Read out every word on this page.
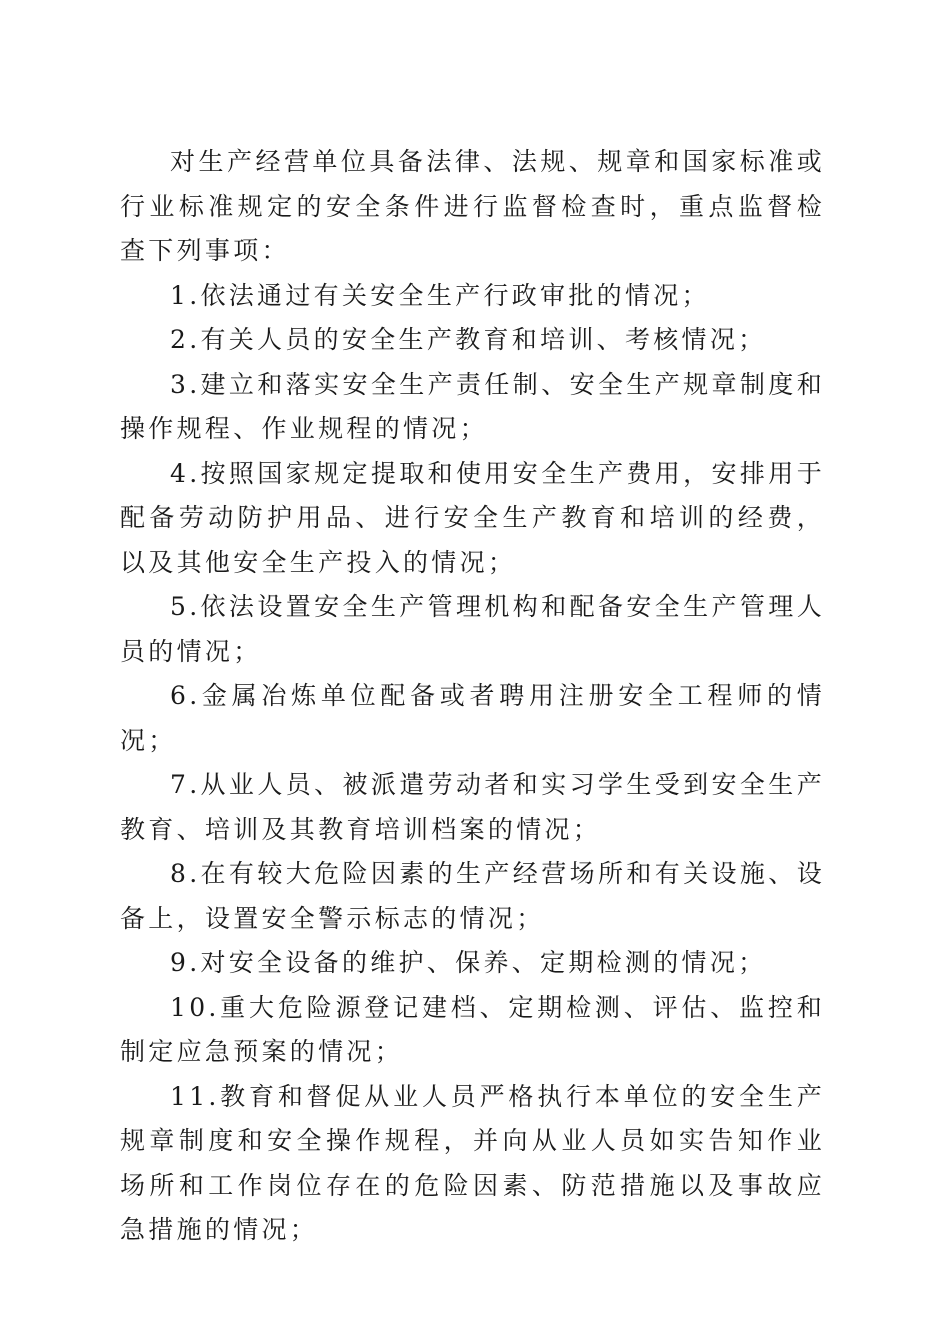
对生产经营单位具备法律、法规、规章和国家标准或行业标准规定的安全条件进行监督检查时，重点监督检查下列事项：

1.依法通过有关安全生产行政审批的情况；

2.有关人员的安全生产教育和培训、考核情况；

3.建立和落实安全生产责任制、安全生产规章制度和操作规程、作业规程的情况；

4.按照国家规定提取和使用安全生产费用，安排用于配备劳动防护用品、进行安全生产教育和培训的经费，以及其他安全生产投入的情况；

5.依法设置安全生产管理机构和配备安全生产管理人员的情况；

6.金属冶炼单位配备或者聘用注册安全工程师的情况；

7.从业人员、被派遣劳动者和实习学生受到安全生产教育、培训及其教育培训档案的情况；

8.在有较大危险因素的生产经营场所和有关设施、设备上，设置安全警示标志的情况；

9.对安全设备的维护、保养、定期检测的情况；

10.重大危险源登记建档、定期检测、评估、监控和制定应急预案的情况；

11.教育和督促从业人员严格执行本单位的安全生产规章制度和安全操作规程，并向从业人员如实告知作业场所和工作岗位存在的危险因素、防范措施以及事故应急措施的情况；
